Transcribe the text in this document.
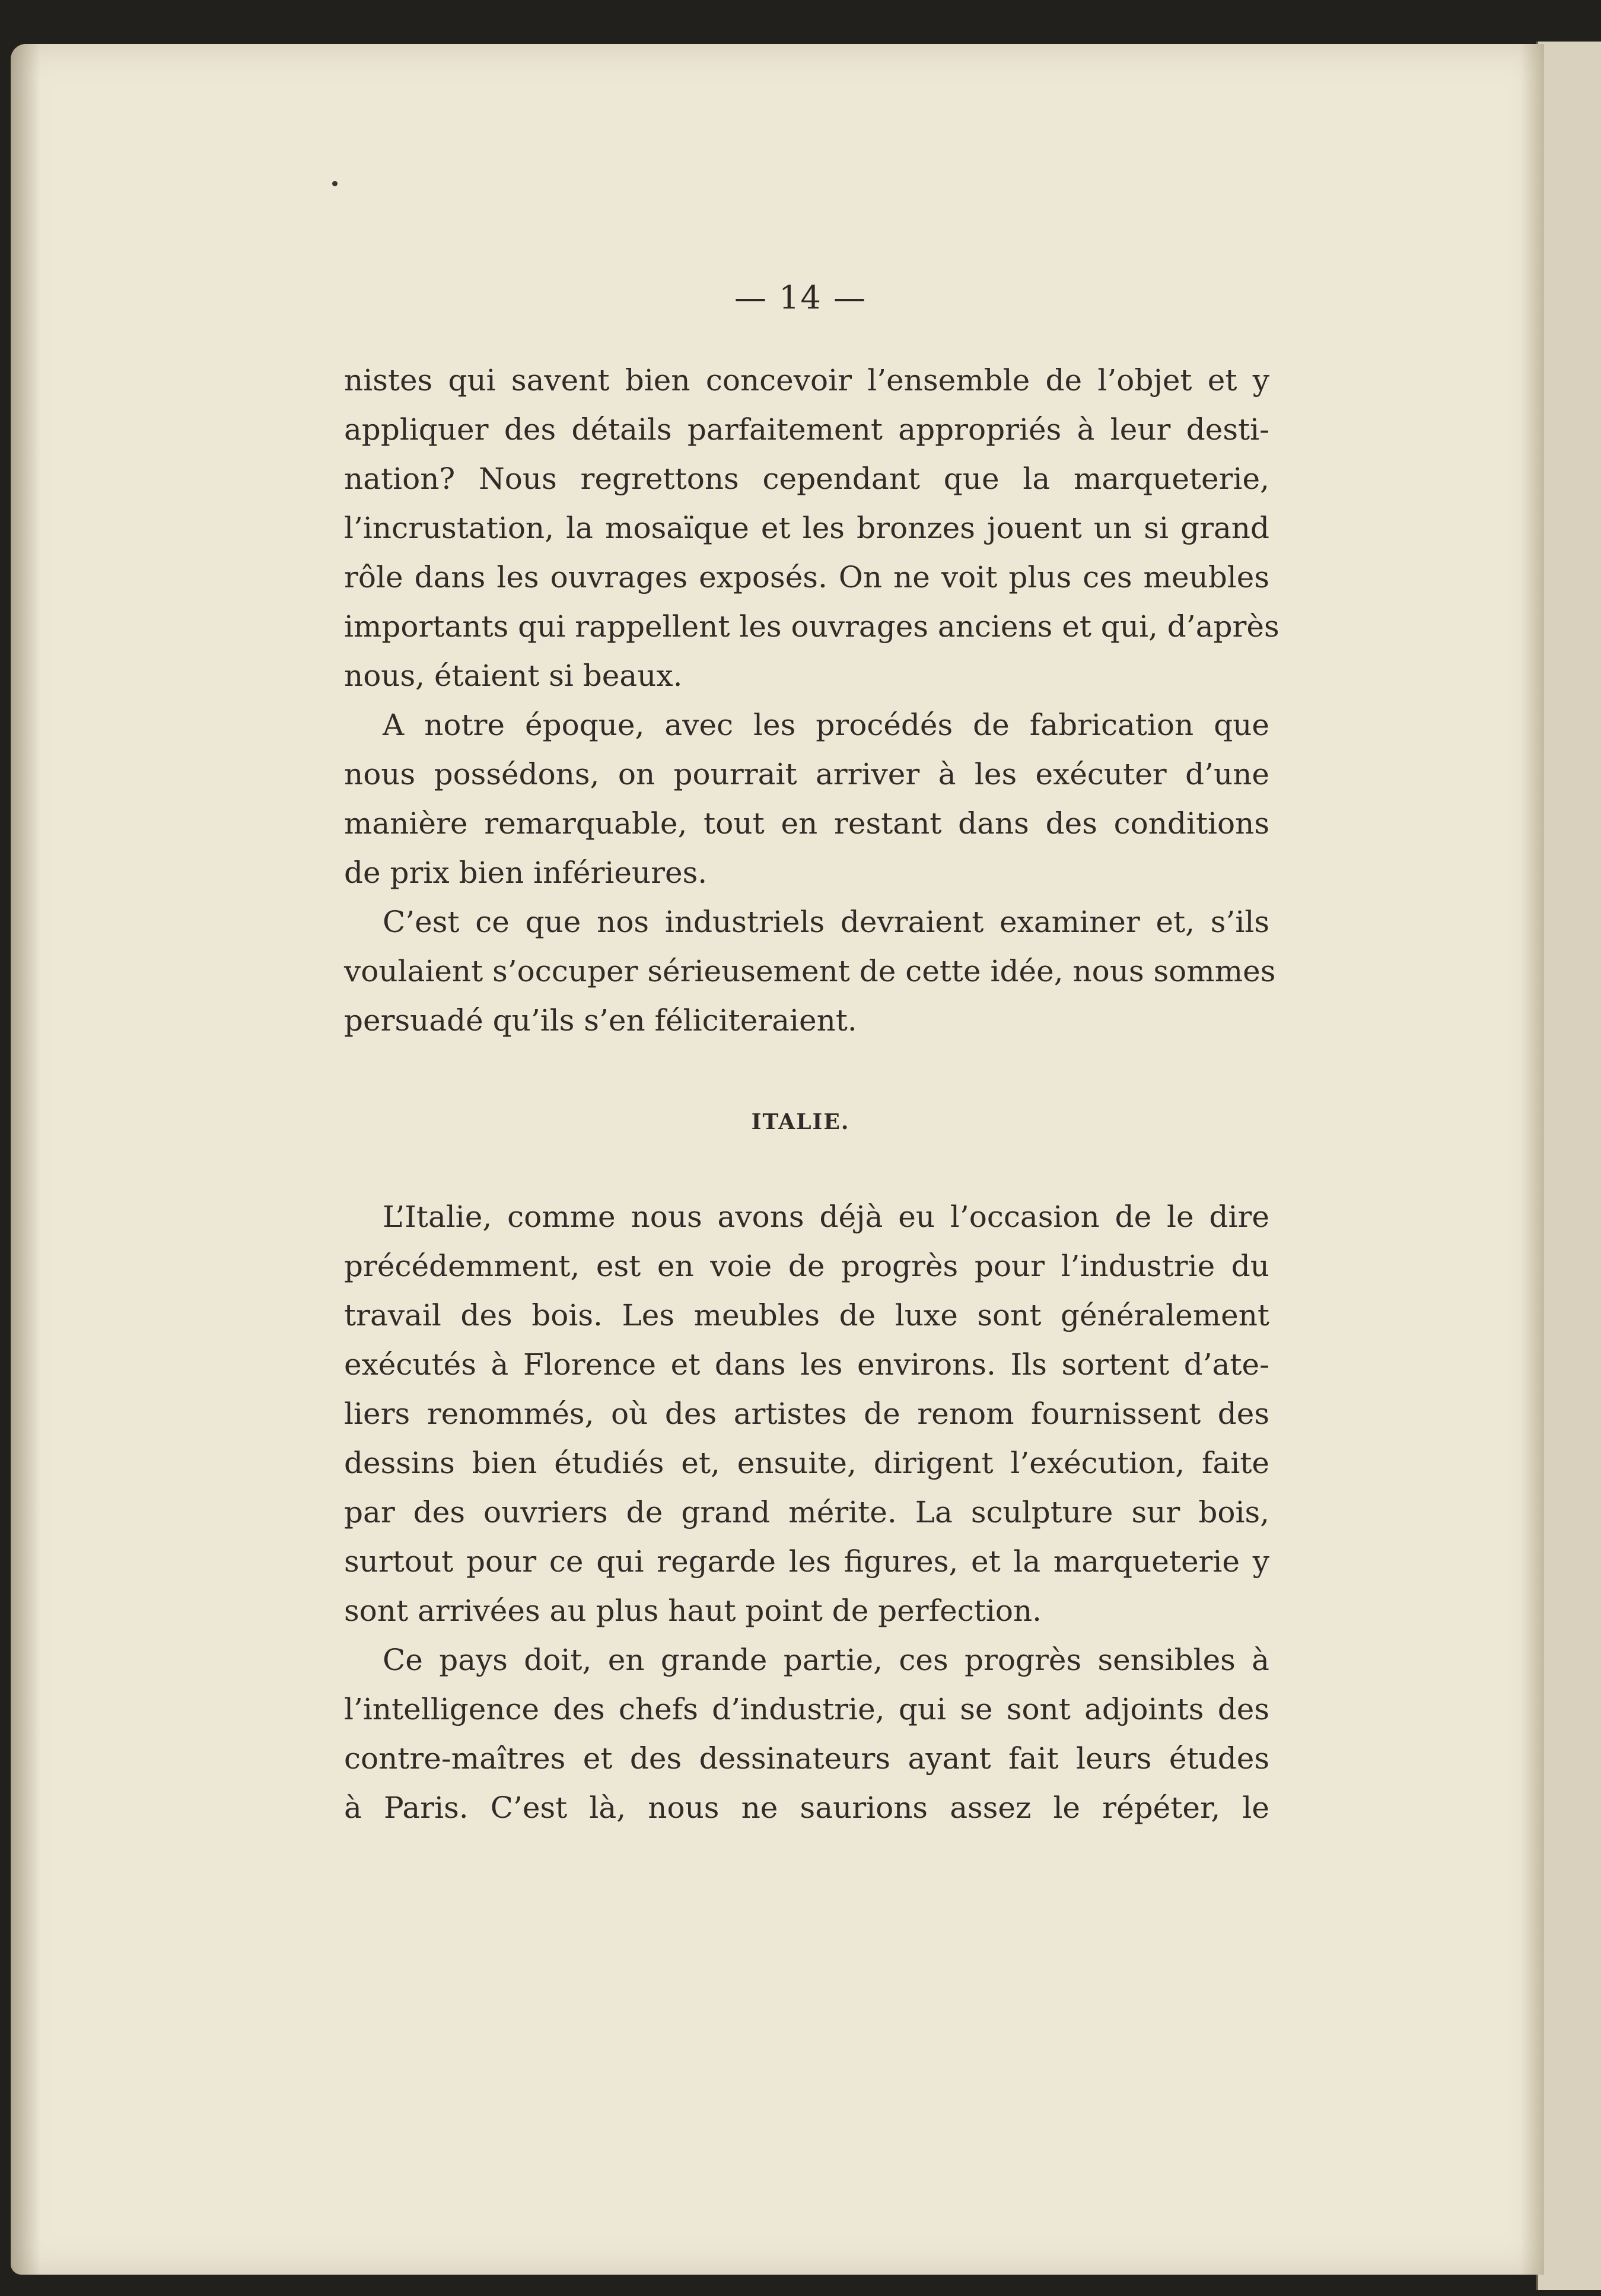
— 14 —

nistes qui savent bien concevoir l’ensemble de l’objet et y
appliquer des détails parfaitement appropriés à leur desti-
nation? Nous regrettons cependant que la marqueterie,
l’incrustation, la mosaïque et les bronzes jouent un si grand
rôle dans les ouvrages exposés. On ne voit plus ces meubles
importants qui rappellent les ouvrages anciens et qui, d’après
nous, étaient si beaux.

A notre époque, avec les procédés de fabrication que
nous possédons, on pourrait arriver à les exécuter d’une
manière remarquable, tout en restant dans des conditions
de prix bien inférieures.

C’est ce que nos industriels devraient examiner et, s’ils
voulaient s’occuper sérieusement de cette idée, nous sommes
persuadé qu’ils s’en féliciteraient.

ITALIE.

L’Italie, comme nous avons déjà eu l’occasion de le dire
précédemment, est en voie de progrès pour l’industrie du
travail des bois. Les meubles de luxe sont généralement
exécutés à Florence et dans les environs. Ils sortent d’ate-
liers renommés, où des artistes de renom fournissent des
dessins bien étudiés et, ensuite, dirigent l’exécution, faite
par des ouvriers de grand mérite. La sculpture sur bois,
surtout pour ce qui regarde les figures, et la marqueterie y
sont arrivées au plus haut point de perfection.

Ce pays doit, en grande partie, ces progrès sensibles à
l’intelligence des chefs d’industrie, qui se sont adjoints des
contre-maîtres et des dessinateurs ayant fait leurs études
à Paris. C’est là, nous ne saurions assez le répéter, le
